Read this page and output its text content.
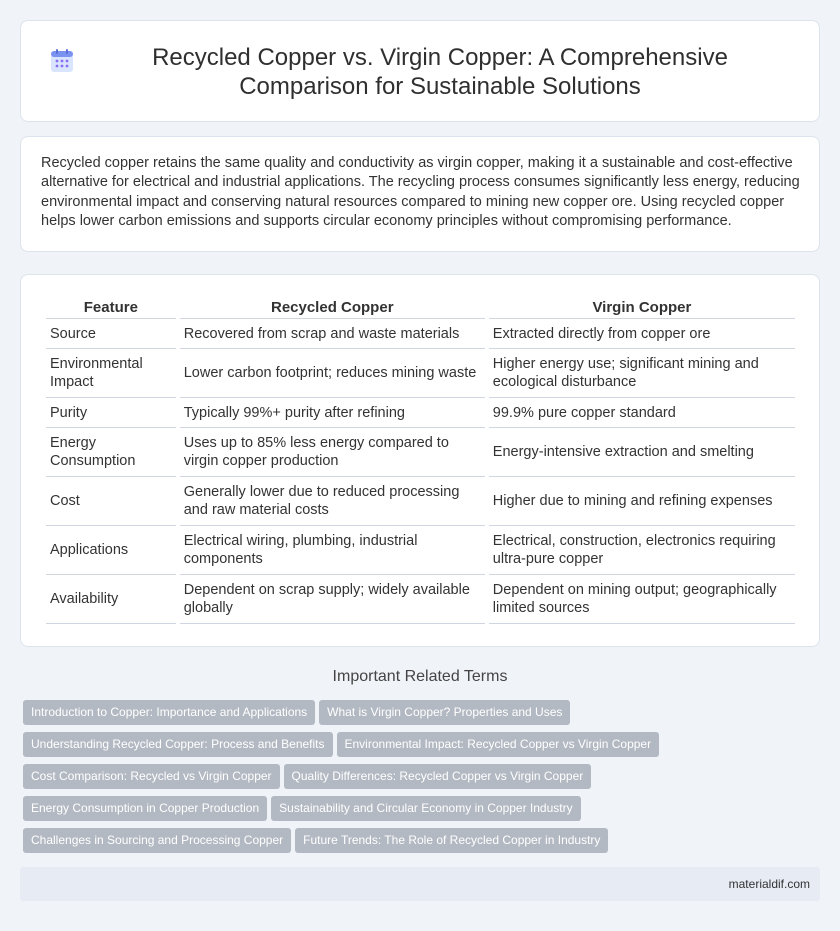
Recycled Copper vs. Virgin Copper: A Comprehensive Comparison for Sustainable Solutions

Recycled copper retains the same quality and conductivity as virgin copper, making it a sustainable and cost-effective alternative for electrical and industrial applications. The recycling process consumes significantly less energy, reducing environmental impact and conserving natural resources compared to mining new copper ore. Using recycled copper helps lower carbon emissions and supports circular economy principles without compromising performance.

Feature	Recycled Copper	Virgin Copper
Source	Recovered from scrap and waste materials	Extracted directly from copper ore
Environmental Impact	Lower carbon footprint; reduces mining waste	Higher energy use; significant mining and ecological disturbance
Purity	Typically 99%+ purity after refining	99.9% pure copper standard
Energy Consumption	Uses up to 85% less energy compared to virgin copper production	Energy-intensive extraction and smelting
Cost	Generally lower due to reduced processing and raw material costs	Higher due to mining and refining expenses
Applications	Electrical wiring, plumbing, industrial components	Electrical, construction, electronics requiring ultra-pure copper
Availability	Dependent on scrap supply; widely available globally	Dependent on mining output; geographically limited sources
Important Related Terms
Introduction to Copper: Importance and Applications What is Virgin Copper? Properties and Uses
Understanding Recycled Copper: Process and Benefits Environmental Impact: Recycled Copper vs Virgin Copper
Cost Comparison: Recycled vs Virgin Copper Quality Differences: Recycled Copper vs Virgin Copper
Energy Consumption in Copper Production Sustainability and Circular Economy in Copper Industry
Challenges in Sourcing and Processing Copper Future Trends: The Role of Recycled Copper in Industry
materialdif.com
